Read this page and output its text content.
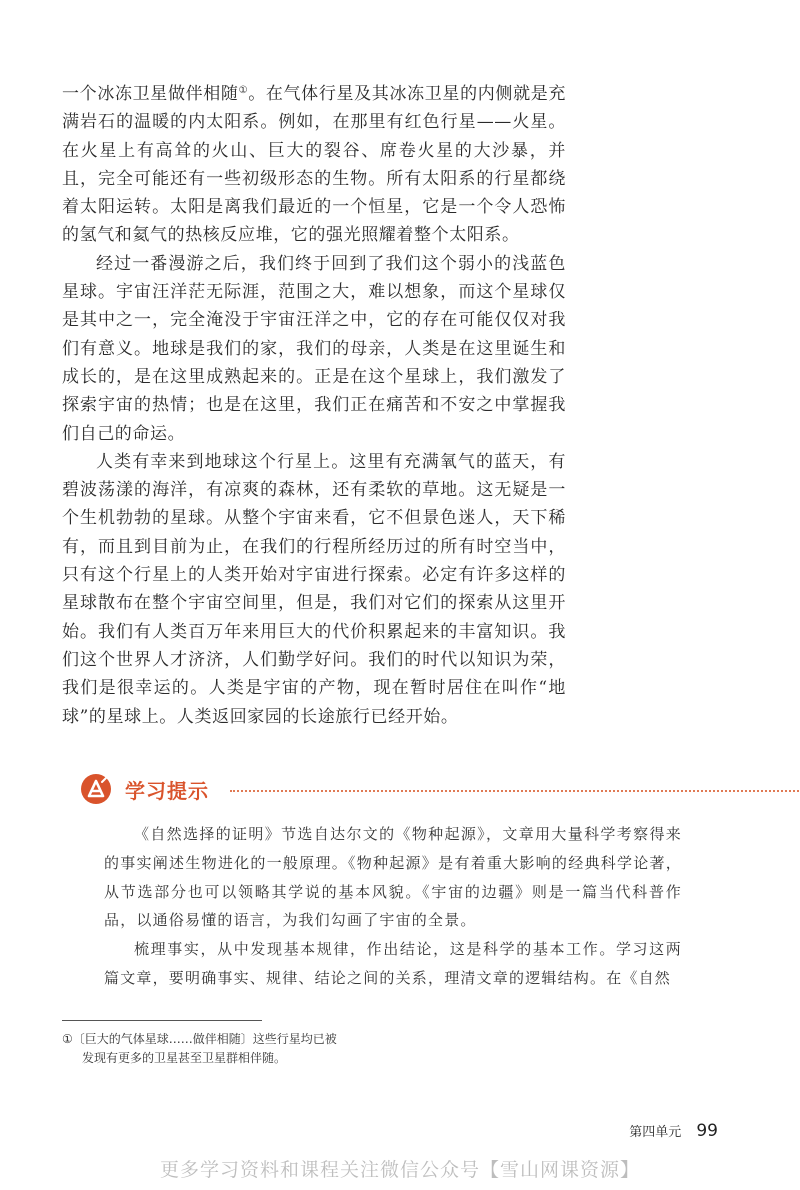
一个冰冻卫星做伴相随①。在气体行星及其冰冻卫星的内侧就是充满岩石的温暖的内太阳系。例如，在那里有红色行星——火星。在火星上有高耸的火山、巨大的裂谷、席卷火星的大沙暴，并且，完全可能还有一些初级形态的生物。所有太阳系的行星都绕着太阳运转。太阳是离我们最近的一个恒星，它是一个令人恐怖的氢气和氦气的热核反应堆，它的强光照耀着整个太阳系。

经过一番漫游之后，我们终于回到了我们这个弱小的浅蓝色星球。宇宙汪洋茫无际涯，范围之大，难以想象，而这个星球仅是其中之一，完全淹没于宇宙汪洋之中，它的存在可能仅仅对我们有意义。地球是我们的家，我们的母亲，人类是在这里诞生和成长的，是在这里成熟起来的。正是在这个星球上，我们激发了探索宇宙的热情；也是在这里，我们正在痛苦和不安之中掌握我们自己的命运。

人类有幸来到地球这个行星上。这里有充满氧气的蓝天，有碧波荡漾的海洋，有凉爽的森林，还有柔软的草地。这无疑是一个生机勃勃的星球。从整个宇宙来看，它不但景色迷人，天下稀有，而且到目前为止，在我们的行程所经历过的所有时空当中，只有这个行星上的人类开始对宇宙进行探索。必定有许多这样的星球散布在整个宇宙空间里，但是，我们对它们的探索从这里开始。我们有人类百万年来用巨大的代价积累起来的丰富知识。我们这个世界人才济济，人们勤学好问。我们的时代以知识为荣，我们是很幸运的。人类是宇宙的产物，现在暂时居住在叫作“地球”的星球上。人类返回家园的长途旅行已经开始。

学习提示

《自然选择的证明》节选自达尔文的《物种起源》，文章用大量科学考察得来的事实阐述生物进化的一般原理。《物种起源》是有着重大影响的经典科学论著，从节选部分也可以领略其学说的基本风貌。《宇宙的边疆》则是一篇当代科普作品，以通俗易懂的语言，为我们勾画了宇宙的全景。

梳理事实，从中发现基本规律，作出结论，这是科学的基本工作。学习这两篇文章，要明确事实、规律、结论之间的关系，理清文章的逻辑结构。在《自然

①〔巨大的气体星球……做伴相随〕这些行星均已被
发现有更多的卫星甚至卫星群相伴随。
第四单元 99
更多学习资料和课程关注微信公众号【雪山网课资源】
